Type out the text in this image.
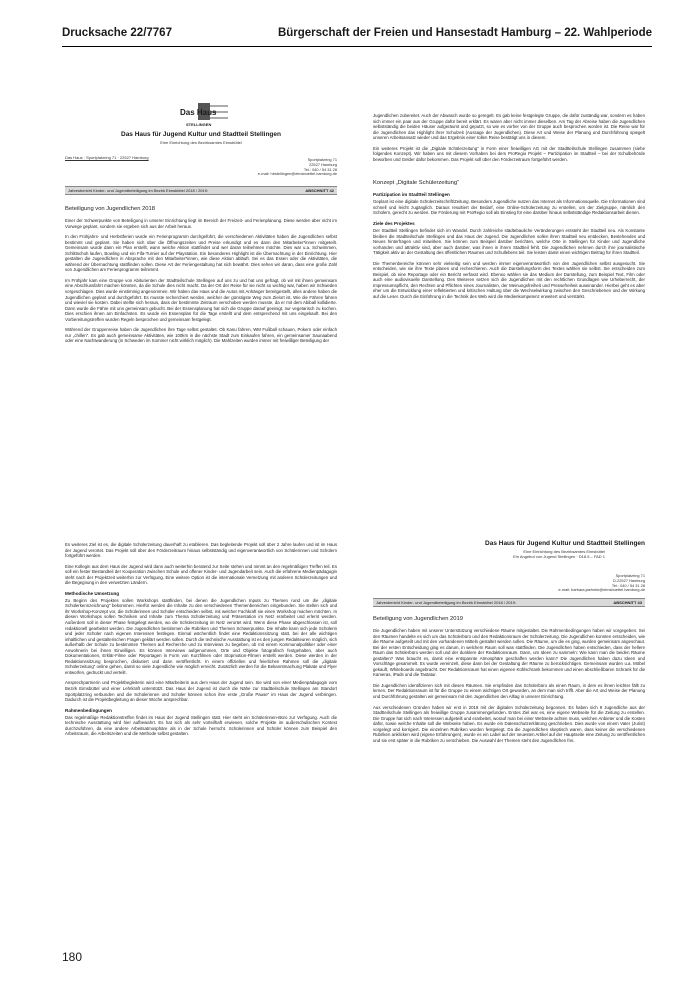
Drucksache 22/7767	Bürgerschaft der Freien und Hansestadt Hamburg – 22. Wahlperiode
Das Haus
STELLINGEN
Das Haus für Jugend Kultur und Stadtteil Stellingen
Eine Einrichtung des Bezirksamtes Eimsbüttel
Das Haus · Sportplatzring 71 · 22527 Hamburg	Sportplatzring 71
22527 Hamburg
Tel.: 040 / 54 31 28
e-mail: hbstellingen@eimsbuettel.hamburg.de
Jahresbericht Kinder- und Jugendbeteiligung im Bezirk Eimsbüttel 2018 / 2019:	ABSCHNITT 42
Beteiligung von Jugendlichen 2018

Einer der Schwerpunkte von Beteiligung in unserer Einrichtung liegt im Bereich der Freizeit- und Ferienplanung. Diese werden aber nicht im Vorwege geplant, sondern sie ergeben sich aus der Arbeit heraus.

In den Frühjahrs- und Herbstferien wurde ein Ferienprogramm durchgeführt, die verschiedenen Aktivitäten haben die Jugendlichen selbst bestimmt und geplant. Sie haben sich über die Öffnungszeiten und Preise erkundigt und es dann den Mitarbeiter*innen mitgeteilt. Gemeinsam wurde dann ein Plan erstellt, wann welche Aktion stattfindet und wer daran teilnehmen möchte. Dies war u.a. Schwimmen, Schlittschuh laufen, Bowling und ein Fifa-Turnier auf der Playstation. Ein besonderes Highlight ist die Übernachtung in der Einrichtung. Hier gestalten die Jugendlichen in Absprache mit den Mitarbeiter*innen, wie diese Aktion abläuft. Sei es das Essen oder die Aktivitäten, die während der Übernachtung stattfinden sollen. Diese Art der Feriengestaltung hat sich bewährt. Dies sehen wir daran, dass eine große Zahl von Jugendlichen am Ferienprogramm teilnimmt.

Im Frühjahr kam eine Gruppe von Abiturienten der Stadtteilschule Stellingen auf uns zu und hat uns gefragt, ob wir mit ihnen gemeinsam eine Abschlussfahrt machen könnten, da die Schule dies nicht macht. Da der Ort der Reise für sie nicht so wichtig war, haben wir Schweden vorgeschlagen. Dies wurde einstimmig angenommen. Wir haben das Haus und die Autos mit Anhänger bereitgestellt, alles andere haben die Jugendlichen geplant und durchgeführt. Es musste recherchiert werden, welcher der günstigste Weg zum Zielort ist. Wie die Fähren fahren und wieviel sie kosten. Dabei stellte sich heraus, dass der bestimmte Zeitraum verschoben werden musste, da er mit dem Abiball kollidierte. Dann wurde die Fähre mit uns gemeinsam gebucht. Bei der Essensplanung hat sich die Gruppe darauf geeinigt, nur vegetarisch zu kochen. Dies erschien ihnen am Einfachsten. Es wurde ein Essensplan für die Tage erstellt und dem entsprechend mit uns eingekauft. Bei den Vorbereitungstreffen wurden Regeln besprochen und gemeinsam festgelegt.

Während der Gruppenreise haben die Jugendlichen ihre Tage selbst gestaltet. Ob Kanu fahren, WM Fußball schauen, Pokern oder einfach nur „chillen“. Es gab auch gemeinsame Aktivitäten, wie 100km in die nächste Stadt zum Einkaufen fahren, ein gemeinsamer Saunaabend oder eine Nachtwanderung (in Schweden im Sommer nicht wirklich möglich). Die Mahlzeiten wurden immer mit freiwilliger Beteiligung der

Jugendlichen zubereitet. Auch der Abwasch wurde so geregelt. Es gab keine festgelegte Gruppe, die dafür zuständig war, sondern es haben sich immer ein paar aus der Gruppe dafür bereit erklärt. Es waren aber nicht immer dieselben. Am Tag der Abreise haben die Jugendlichen selbstständig die beiden Häuser aufgeräumt und geputzt, so wie es vorher von der Gruppe auch besprochen worden ist. Die Reise war für die Jugendlichen das Highlight ihrer Schulzeit (Aussage der Jugendlichen). Diese Art und Weise der Planung und Durchführung spiegelt unseren Arbeitsansatz wieder und das Ergebnis einer tollen Reise bestätigt uns in diesem.

Ein weiteres Projekt ist die „Digitale Schülerzeitung“ in Form einer freiwilligen AG mit der Stadtteilschule Stellingen zusammen (siehe folgendes Konzept). Wir haben uns mit diesem Vorhaben bei dem ProRegio Projekt – Partizipation im Stadtteil – bei der Schulbehörde beworben und Gelder dafür bekommen. Das Projekt soll über den Förderzeitraum fortgeführt werden.

Konzept „Digitale Schülerzeitung“
Partizipation im Stadtteil Stellingen

Geplant ist eine digitale Schülerzeitschrift/Zeitung. Besonders Jugendliche nutzen das Internet als Informationsquelle. Die Informationen sind schnell und leicht zugänglich. Daraus resultiert der Bedarf, eine Online-Schülerzeitung zu erstellen, um der Zielgruppe, nämlich den Schülern, gerecht zu werden. Die Förderung mit ProRegio soll als Einstieg für eine darüber hinaus selbstständige Redaktionsarbeit dienen.

Ziele des Projektes

Der Stadtteil Stellingen befindet sich im Wandel. Durch zahlreiche städtebauliche Veränderungen entsteht der Stadtteil neu. Als Konstante bleiben die Stadtteilschule Stellingen und das Haus der Jugend. Die Jugendlichen sollen ihren Stadtteil neu entdecken, Bestehendes und Neues hinterfragen und mitwirken. Sie können zum Beispiel darüber berichten, welche Orte in Stellingen für Kinder und Jugendliche vorhanden und attraktiv sind, aber auch darüber, was ihnen in ihrem Stadtteil fehlt. Die Jugendlichen nehmen durch ihre journalistische Tätigkeit aktiv an der Gestaltung des öffentlichen Raumes und Schullebens teil. Sie leisten damit einen wichtigen Beitrag für ihren Stadtteil.

Die Themenbereiche können sehr vielseitig sein und werden immer eigenverantwortlich von den Jugendlichen selbst ausgesucht. Sie entscheiden, wie sie ihre Texte planen und recherchieren. Auch die Darstellungsform des Textes wählen sie selbst. Sie entscheiden zum Beispiel, ob eine Reportage oder ein Bericht verfasst wird. Ebenso wählen sie das Medium der Darstellung, zum Beispiel Text, Film oder auch eine audiovisuelle Darstellung. Des Weiteren setzen sich die Jugendlichen mit den rechtlichen Grundlagen wie Urheberrecht, der Impressumspflicht, den Rechten und Pflichten eines Journalisten, der Meinungsfreiheit und Pressefreiheit auseinander. Hierbei geht es aber eher um die Entwicklung einer reflektierten und kritischen Haltung über die Wechselwirkung zwischen den Geschriebenen und der Wirkung auf die Leser. Durch die Einführung in die Technik des Web wird die Medienkompetenz erweitert und verstärkt.

Es weiteres Ziel ist es, die digitale Schülerzeitung dauerhaft zu etablieren. Das begleitende Projekt soll über 2 Jahre laufen und ist im Haus der Jugend verortet. Das Projekt soll über den Förderzeitraum hinaus selbstständig und eigenverantwortlich von Schülerinnen und Schülern fortgeführt werden.

Eine Kollegin aus dem Haus der Jugend wird dann auch weiterhin beratend zur Seite stehen und nimmt an den regelmäßigen Treffen teil. Es soll ein fester Bestandteil der Kooperation zwischen Schule und offener Kinder- und Jugendarbeit sein. Auch die erfahrene Medienpädagogin steht nach der Projektzeit weiterhin zur Verfügung. Eine weitere Option ist die internationale Vernetzung mit anderen Schülerzeitungen und die Begegnung in den verwetzten Ländern.

Methodische Umsetzung

Zu Beginn des Projektes sollen Workshops stattfinden, bei denen die Jugendlichen Inputs zu Themen rund um die „digitale Schülerkennzeichnung“ bekommen. Hierfür werden die Inhalte zu den verschiedenen Themenbereichen eingebunden. Sie stellen sich und ihr Workshop-Konzept vor, die Schülerinnen und Schüler entscheiden selbst, mit welcher Fachkraft sie einen Workshop machen möchten. In diesen Workshops sollen Techniken und Inhalte zum Thema Schülerzeitung und Präsentation im Netz erarbeitet und erlernt werden. Außerdem soll in dieser Phase festgelegt werden, wo die Schülerzeitung im Netz verortet wird. Wenn diese Phase abgeschlossen ist, soll redaktionell gearbeitet werden. Die Jugendlichen bestimmen die Rubriken und Themen Schwerpunkte. Die Inhalte kann sich jede Schülerin und jeder Schüler nach eigenen Interessen festlegen. Einmal wöchentlich findet eine Redaktionssitzung statt, bei der alle wichtigen inhaltlichen und gestalterischen Fragen geklärt werden sollen. Durch die technische Ausstattung ist es den jungen Redakteuren möglich, sich außerhalb der Schule zu bestimmten Themen auf Recherche und zu Interviews zu begeben, ob mit einem Kommunalpolitiker oder einer Anwohnerin bei ihnen Einwilligen. Es können Interviews aufgenommen, Orte und Objekte fotografisch festgehalten, aber auch Dokumentationen, Erklär-Filme oder Reportagen in Form von Kurzfilmen oder Stopmotion-Filmen erstellt werden. Diese werden in der Redaktionssitzung besprochen, diskutiert und dann veröffentlicht. In einem offiziellen und feierlichen Rahmen soll die „digitale Schülerzeitung“ online gehen, damit so viele Jugendliche wie möglich erreicht. Zusätzlich werden für die Bekanntmachung Plakate und Flyer entworfen, gedruckt und verteilt.

Ansprechpartnerin und Projektbegleiterin wird eine Mitarbeiterin aus dem Haus der Jugend sein. Sie wird von einer Medienpädagogin vom Bezirk Eimsbüttel und einer Lehrkraft unterstützt. Das Haus der Jugend ist durch die Nähe zur Stadtteilschule Stellingen am Standort Sportplatzring verbunden und die Schülerinnen und Schüler können schon ihre erste „Große Pause“ im Haus der Jugend verbringen. Dadurch ist die Projektbegleitung an dieser Woche ansprechbar.

Rahmenbedingungen

Das regelmäßige Redaktionstreffen findet im Haus der Jugend Stellingen statt. Hier steht ein Schülerinnen-Büro zur Verfügung. Auch die technische Ausstattung wird hier aufbewahrt. Es hat sich als sehr vorteilhaft erwiesen, solche Projekte im außerschulischen Kontext durchzuführen, da eine andere Arbeitsatmosphäre als in der Schule herrscht. Schülerinnen und Schüler können zum Beispiel den Arbeitsraum, die Arbeitszeiten und die Methode selbst gestalten.

Das Haus für Jugend Kultur und Stadtteil Stellingen
Eine Einrichtung des Bezirksamtes Eimsbüttel
Ein Angebot von Jugend Stellingen · D18.5 – FAD 1
Sportplatzring 71
D-22527 Hamburg
Tel.: 040 / 54 31 28
e-mail: barbara.jaehnke@eimsbuettel.hamburg.de
Jahresbericht Kinder- und Jugendbeteiligung im Bezirk Eimsbüttel 2018 / 2019:	ABSCHNITT 43
Beteiligung von Jugendlichen 2019

Die Jugendlichen haben mit unserer Unterstützung verschiedene Räume mitgestaltet. Die Rahmenbedingungen haben wir vorgegeben. Sei den Räumen handelte es sich um das Schülerbüro und den Redaktionsraum der Schülerzeitung. Die Jugendlichen konnten entscheiden, wie die Räume aufgeteilt und mit den vorhandenen Mitteln gestaltet werden sollen. Die Räume, um die es ging, wurden gemeinsam angeschaut. Bei der ersten Entscheidung ging es darum, in welchem Raum soll was stattfinden. Die Jugendlichen haben entschieden, dass der hellere Raum das Schülerbüro werden soll und der dunklere der Redaktionsraum. Dann, um Ideen zu sammeln: Wie kann man die beiden Räume gestalten? Was braucht es, damit eine entspannte Atmosphäre geschaffen werden kann? Die Jugendlichen haben dazu Ideen und Vorschläge gesammelt. Es wurde vereinzelt, diese dann bei der Gestaltung der Räume zu berücksichtigen. Gemeinsam wurden u.a. Möbel gekauft, Whiteboards angebracht. Der Redaktionsraum hat einen eigenen Kühlschrank bekommen und einen abschließbaren Schrank für die Kameras, iPads und die Tastatur.

Die Jugendlichen identifizieren sich mit diesen Räumen. Sie empfinden das Schülerbüro als einen Raum, in dem es ihnen leichter fällt zu lernen. Der Redaktionsraum ist für die Gruppe zu einem wichtigen Ort geworden, an dem man sich trifft. Aber die Art und Weise der Planung und Durchführung gestalten wir gemeinsam mit den Jugendlichen den Alltag in unserer Einrichtung.

Aus verschiedenen Gründen haben wir erst in 2019 mit der digitalen Schülerzeitung begonnen. Es haben sich 9 Jugendliche aus der Stadtteilschule Stellingen als freiwillige Gruppe zusammengefunden. Erstes Ziel war es, eine eigene Webseite für die Zeitung zu erstellen. Die Gruppe hat sich nach Interessen aufgeteilt und erarbeitet, worauf man bei einer Webseite achten muss, welchen Anbieter und die Kosten dafür, sowie welche Inhalte soll die Webseite haben. Es wurde ein Datenschutzerklärung geschrieben. Dies wurde von einem Vater (Jurist) vorgelegt und korrigiert. Die einzelnen Rubriken wurden festgelegt. Da die Jugendlichen skeptisch waren, dass keiner die verschiedenen Rubriken anklicken wird (eigene Erfahrungen), wurde es ein Label auf der neuesten Artikel auf der Hauptseite eine Zeitung zu veröffentlichen und sie erst später in die Rubriken zu verschieben. Die Auswahl der Themen steht den Jugendlichen frei.

180
